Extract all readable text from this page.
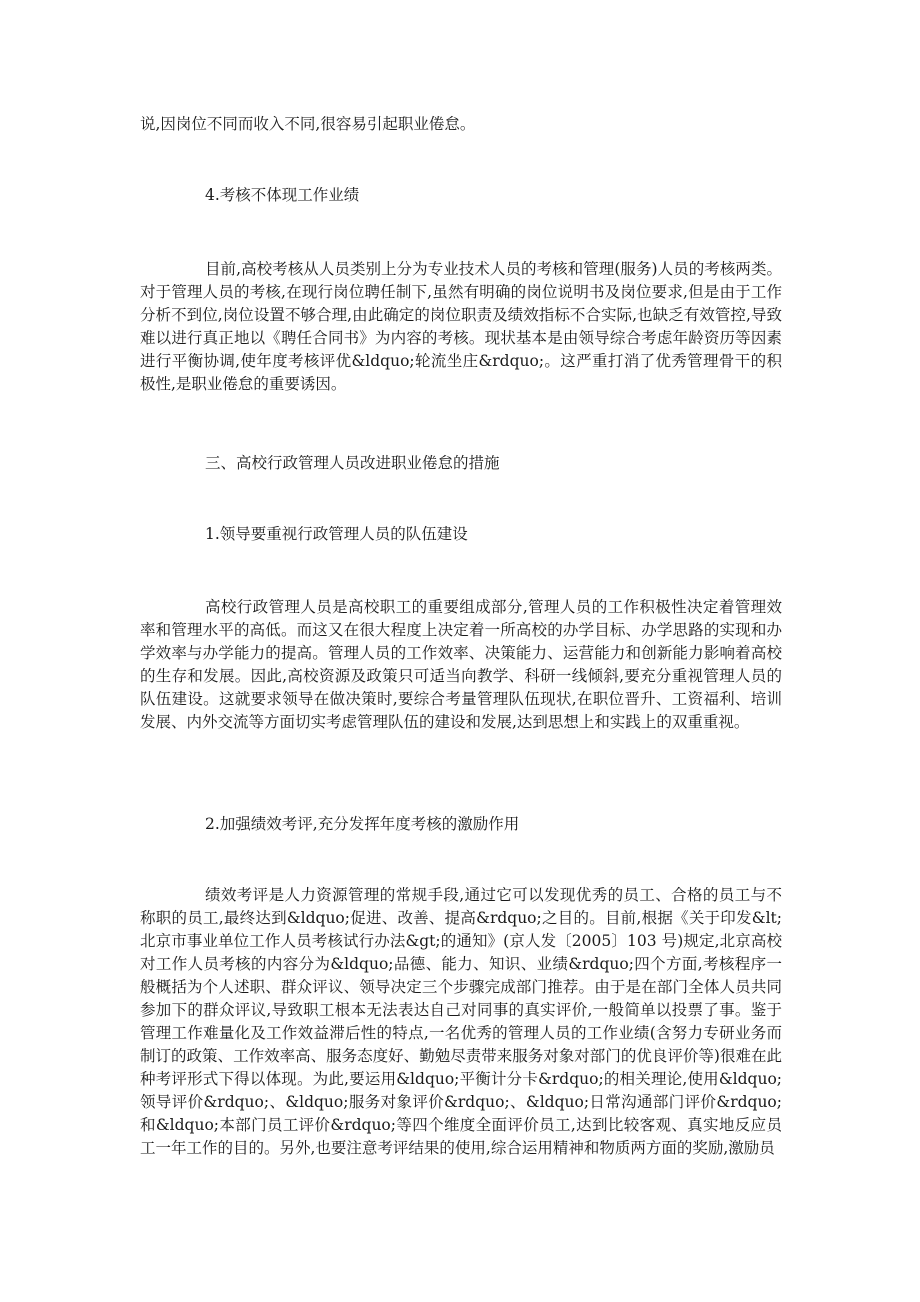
说,因岗位不同而收入不同,很容易引起职业倦怠。

4.考核不体现工作业绩

目前,高校考核从人员类别上分为专业技术人员的考核和管理(服务)人员的考核两类。对于管理人员的考核,在现行岗位聘任制下,虽然有明确的岗位说明书及岗位要求,但是由于工作分析不到位,岗位设置不够合理,由此确定的岗位职责及绩效指标不合实际,也缺乏有效管控,导致难以进行真正地以《聘任合同书》为内容的考核。现状基本是由领导综合考虑年龄资历等因素进行平衡协调,使年度考核评优&ldquo;轮流坐庄&rdquo;。这严重打消了优秀管理骨干的积极性,是职业倦怠的重要诱因。

三、高校行政管理人员改进职业倦怠的措施

1.领导要重视行政管理人员的队伍建设

高校行政管理人员是高校职工的重要组成部分,管理人员的工作积极性决定着管理效率和管理水平的高低。而这又在很大程度上决定着一所高校的办学目标、办学思路的实现和办学效率与办学能力的提高。管理人员的工作效率、决策能力、运营能力和创新能力影响着高校的生存和发展。因此,高校资源及政策只可适当向教学、科研一线倾斜,要充分重视管理人员的队伍建设。这就要求领导在做决策时,要综合考量管理队伍现状,在职位晋升、工资福利、培训发展、内外交流等方面切实考虑管理队伍的建设和发展,达到思想上和实践上的双重重视。

2.加强绩效考评,充分发挥年度考核的激励作用

绩效考评是人力资源管理的常规手段,通过它可以发现优秀的员工、合格的员工与不称职的员工,最终达到&ldquo;促进、改善、提高&rdquo;之目的。目前,根据《关于印发&lt;北京市事业单位工作人员考核试行办法&gt;的通知》(京人发〔2005〕103 号)规定,北京高校对工作人员考核的内容分为&ldquo;品德、能力、知识、业绩&rdquo;四个方面,考核程序一般概括为个人述职、群众评议、领导决定三个步骤完成部门推荐。由于是在部门全体人员共同参加下的群众评议,导致职工根本无法表达自己对同事的真实评价,一般简单以投票了事。鉴于管理工作难量化及工作效益滞后性的特点,一名优秀的管理人员的工作业绩(含努力专研业务而制订的政策、工作效率高、服务态度好、勤勉尽责带来服务对象对部门的优良评价等)很难在此种考评形式下得以体现。为此,要运用&ldquo;平衡计分卡&rdquo;的相关理论,使用&ldquo;领导评价&rdquo;、&ldquo;服务对象评价&rdquo;、&ldquo;日常沟通部门评价&rdquo;和&ldquo;本部门员工评价&rdquo;等四个维度全面评价员工,达到比较客观、真实地反应员工一年工作的目的。另外,也要注意考评结果的使用,综合运用精神和物质两方面的奖励,激励员
